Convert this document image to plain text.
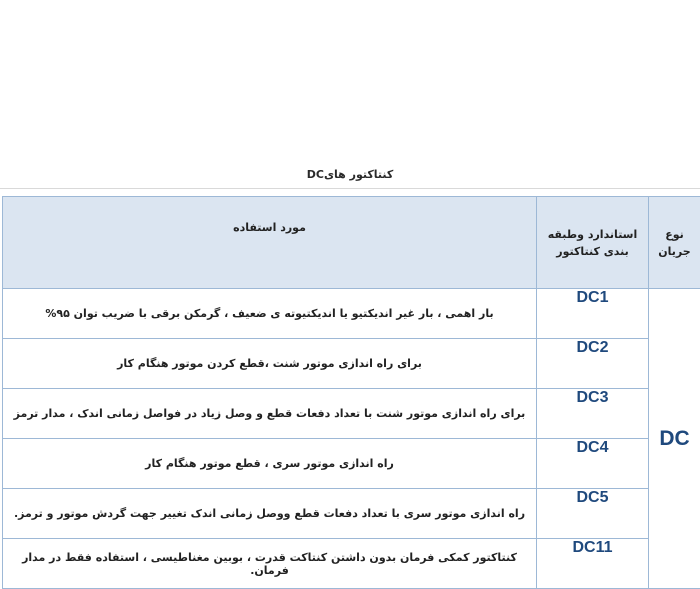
کنتاکتور هایDC
نوع جریان	استاندارد وطبقه بندی کنتاکتور	مورد استفاده
DC	DC1	بار اهمی ، بار غیر اندیکتیو یا اندیکتیوته ی ضعیف ، گرمکن برقی با ضریب توان ۹۵%
	DC2	برای راه اندازی موتور شنت ،قطع کردن موتور هنگام کار
	DC3	برای راه اندازی موتور شنت با تعداد دفعات قطع و وصل زیاد در فواصل زمانی اندک ، مدار ترمز
	DC4	راه اندازی موتور سری ، قطع موتور هنگام کار
	DC5	راه اندازی موتور سری با تعداد دفعات قطع ووصل زمانی اندک تغییر جهت گردش موتور و ترمز.
	DC11	کنتاکتور کمکی فرمان بدون داشتن کنتاکت قدرت ، بوبین مغناطیسی ، استفاده فقط در مدار فرمان.
